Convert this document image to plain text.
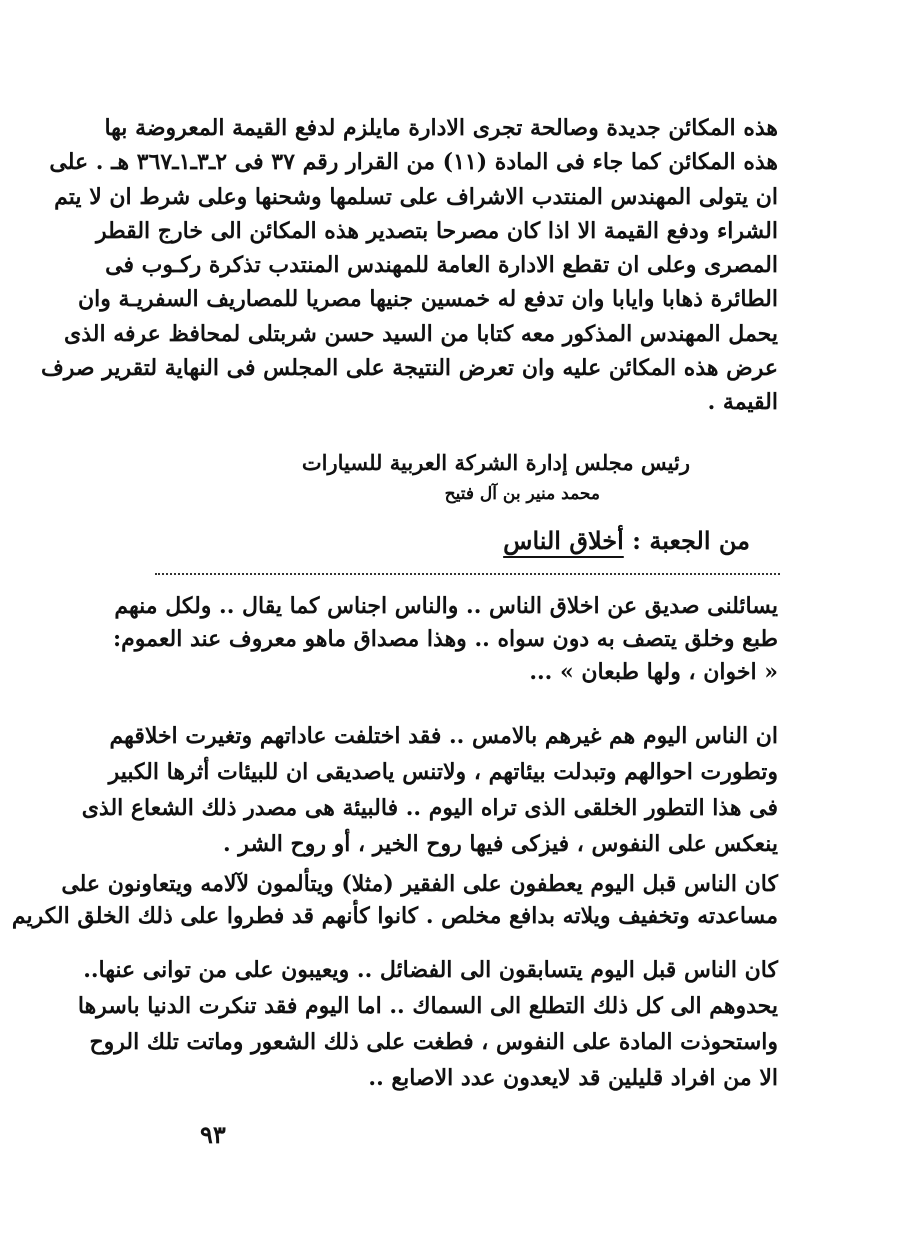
هذه المكائن جديدة وصالحة تجرى الادارة مايلزم لدفع القيمة المعروضة بها
هذه المكائن كما جاء فى المادة (١١) من القرار رقم ٣٧ فى ٢ـ٣ـ١ـ٣٦٧ هـ . على
ان يتولى المهندس المنتدب الاشراف على تسلمها وشحنها وعلى شرط ان لا يتم
الشراء ودفع القيمة الا اذا كان مصرحا بتصدير هذه المكائن الى خارج القطر
المصرى وعلى ان تقطع الادارة العامة للمهندس المنتدب تذكرة ركـوب فى
الطائرة ذهابا وايابا وان تدفع له خمسين جنيها مصريا للمصاريف السفريـة وان
يحمل المهندس المذكور معه كتابا من السيد حسن شربتلى لمحافظ عرفه الذى
عرض هذه المكائن عليه وان تعرض النتيجة على المجلس فى النهاية لتقرير صرف
القيمة .
رئيس مجلس إدارة الشركة العربية للسيارات
محمد منير بن آل فتيح
من الجعبة : أخلاق الناس
يسائلنى صديق عن اخلاق الناس .. والناس اجناس كما يقال .. ولكل منهم
طبع وخلق يتصف به دون سواه .. وهذا مصداق ماهو معروف عند العموم:
« اخوان ، ولها طبعان » ...
ان الناس اليوم هم غيرهم بالامس .. فقد اختلفت عاداتهم وتغيرت اخلاقهم
وتطورت احوالهم وتبدلت بيئاتهم ، ولاتنس ياصديقى ان للبيئات أثرها الكبير
فى هذا التطور الخلقى الذى تراه اليوم .. فالبيئة هى مصدر ذلك الشعاع الذى
ينعكس على النفوس ، فيزكى فيها روح الخير ، أو روح الشر .
كان الناس قبل اليوم يعطفون على الفقير (مثلا) ويتألمون لآلامه ويتعاونون على
مساعدته وتخفيف ويلاته بدافع مخلص . كانوا كأنهم قد فطروا على ذلك الخلق الكريم
كان الناس قبل اليوم يتسابقون الى الفضائل .. ويعيبون على من توانى عنها..
يحدوهم الى كل ذلك التطلع الى السماك .. اما اليوم فقد تنكرت الدنيا باسرها
واستحوذت المادة على النفوس ، فطغت على ذلك الشعور وماتت تلك الروح
الا من افراد قليلين قد لايعدون عدد الاصابع ..
٩٣
